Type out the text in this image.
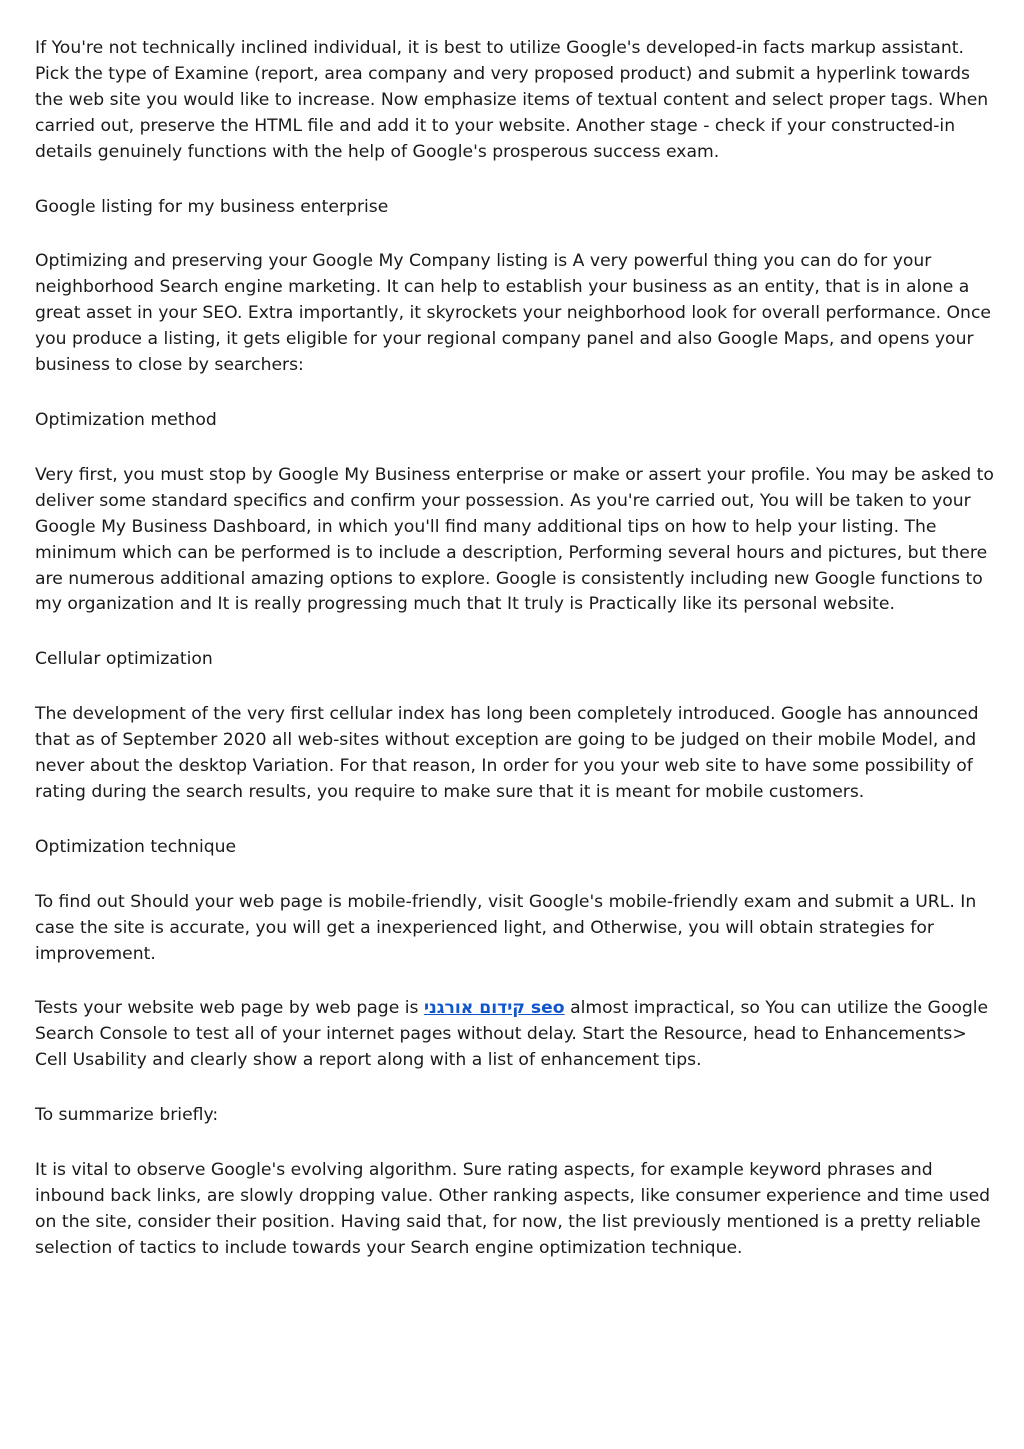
If You're not technically inclined individual, it is best to utilize Google's developed-in facts markup assistant. Pick the type of Examine (report, area company and very proposed product) and submit a hyperlink towards the web site you would like to increase. Now emphasize items of textual content and select proper tags. When carried out, preserve the HTML file and add it to your website. Another stage - check if your constructed-in details genuinely functions with the help of Google's prosperous success exam.

Google listing for my business enterprise

Optimizing and preserving your Google My Company listing is A very powerful thing you can do for your neighborhood Search engine marketing. It can help to establish your business as an entity, that is in alone a great asset in your SEO. Extra importantly, it skyrockets your neighborhood look for overall performance. Once you produce a listing, it gets eligible for your regional company panel and also Google Maps, and opens your business to close by searchers:

Optimization method

Very first, you must stop by Google My Business enterprise or make or assert your profile. You may be asked to deliver some standard specifics and confirm your possession. As you're carried out, You will be taken to your Google My Business Dashboard, in which you'll find many additional tips on how to help your listing. The minimum which can be performed is to include a description, Performing several hours and pictures, but there are numerous additional amazing options to explore. Google is consistently including new Google functions to my organization and It is really progressing much that It truly is Practically like its personal website.

Cellular optimization

The development of the very first cellular index has long been completely introduced. Google has announced that as of September 2020 all web-sites without exception are going to be judged on their mobile Model, and never about the desktop Variation. For that reason, In order for you your web site to have some possibility of rating during the search results, you require to make sure that it is meant for mobile customers.

Optimization technique

To find out Should your web page is mobile-friendly, visit Google's mobile-friendly exam and submit a URL. In case the site is accurate, you will get a inexperienced light, and Otherwise, you will obtain strategies for improvement.

Tests your website web page by web page is קידום אורגני seo almost impractical, so You can utilize the Google Search Console to test all of your internet pages without delay. Start the Resource, head to Enhancements> Cell Usability and clearly show a report along with a list of enhancement tips.

To summarize briefly:

It is vital to observe Google's evolving algorithm. Sure rating aspects, for example keyword phrases and inbound back links, are slowly dropping value. Other ranking aspects, like consumer experience and time used on the site, consider their position. Having said that, for now, the list previously mentioned is a pretty reliable selection of tactics to include towards your Search engine optimization technique.
